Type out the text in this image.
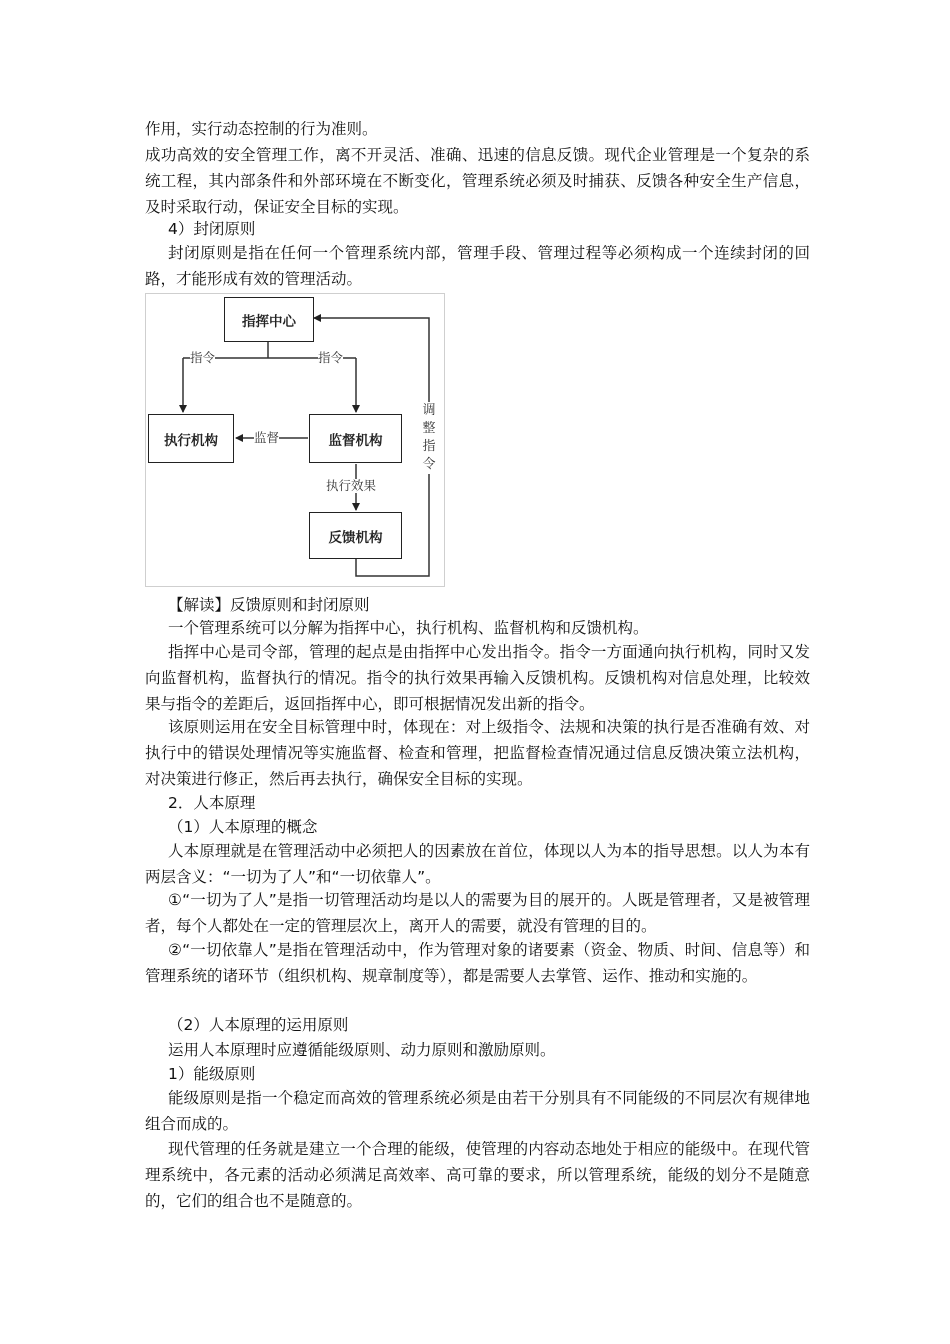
作用，实行动态控制的行为准则。

成功高效的安全管理工作，离不开灵活、准确、迅速的信息反馈。现代企业管理是一个复杂的系统工程，其内部条件和外部环境在不断变化，管理系统必须及时捕获、反馈各种安全生产信息，及时采取行动，保证安全目标的实现。

4）封闭原则

封闭原则是指在任何一个管理系统内部，管理手段、管理过程等必须构成一个连续封闭的回路，才能形成有效的管理活动。

指挥中心
执行机构	监督机构
反馈机构
指令	指令
监督
执行效果
调
整
指
令

【解读】反馈原则和封闭原则

一个管理系统可以分解为指挥中心，执行机构、监督机构和反馈机构。

指挥中心是司令部，管理的起点是由指挥中心发出指令。指令一方面通向执行机构，同时又发向监督机构，监督执行的情况。指令的执行效果再输入反馈机构。反馈机构对信息处理，比较效果与指令的差距后，返回指挥中心，即可根据情况发出新的指令。

该原则运用在安全目标管理中时，体现在：对上级指令、法规和决策的执行是否准确有效、对执行中的错误处理情况等实施监督、检查和管理，把监督检查情况通过信息反馈决策立法机构，对决策进行修正，然后再去执行，确保安全目标的实现。

2．人本原理

（1）人本原理的概念

人本原理就是在管理活动中必须把人的因素放在首位，体现以人为本的指导思想。以人为本有两层含义：“一切为了人”和“一切依靠人”。

①“一切为了人”是指一切管理活动均是以人的需要为目的展开的。人既是管理者，又是被管理者，每个人都处在一定的管理层次上，离开人的需要，就没有管理的目的。

②“一切依靠人”是指在管理活动中，作为管理对象的诸要素（资金、物质、时间、信息等）和管理系统的诸环节（组织机构、规章制度等），都是需要人去掌管、运作、推动和实施的。

（2）人本原理的运用原则

运用人本原理时应遵循能级原则、动力原则和激励原则。

1）能级原则

能级原则是指一个稳定而高效的管理系统必须是由若干分别具有不同能级的不同层次有规律地组合而成的。

现代管理的任务就是建立一个合理的能级，使管理的内容动态地处于相应的能级中。在现代管理系统中，各元素的活动必须满足高效率、高可靠的要求，所以管理系统，能级的划分不是随意的，它们的组合也不是随意的。
